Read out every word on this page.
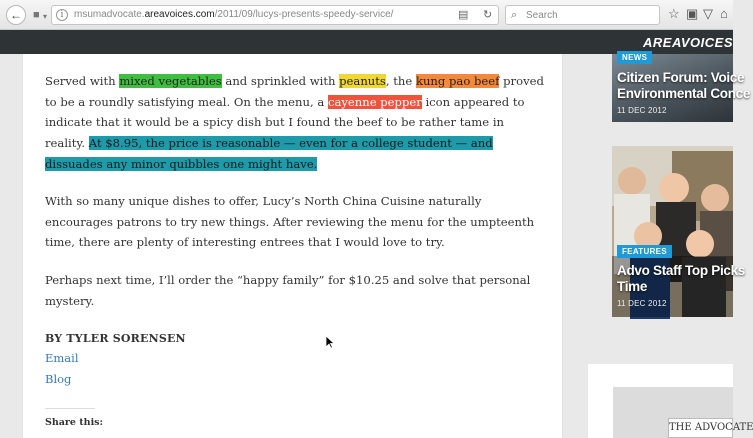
←	■ ▾	i	msumadvocate.areavoices.com/2011/09/lucys-presents-speedy-service/	▤ ↻ ⌕
Search	☆ ▣ ▽ ⌂
AREAVOICES

Served with mixed vegetables and sprinkled with peanuts, the kung pao beef proved to be a roundly satisfying meal. On the menu, a cayenne pepper icon appeared to indicate that it would be a spicy dish but I found the beef to be rather tame in reality. At $8.95, the price is reasonable — even for a college student — and dissuades any minor quibbles one might have.

With so many unique dishes to offer, Lucy’s North China Cuisine naturally encourages patrons to try new things. After reviewing the menu for the umpteenth time, there are plenty of interesting entrees that I would love to try.

Perhaps next time, I’ll order the “happy family” for $10.25 and solve that personal mystery.

BY TYLER SORENSEN
Email
Blog
Share this:
NEWS
Citizen Forum: Voice
Environmental Conce
11 DEC 2012
FEATURES
Advo Staff Top Picks
Time
11 DEC 2012
THE ADVOCATE
